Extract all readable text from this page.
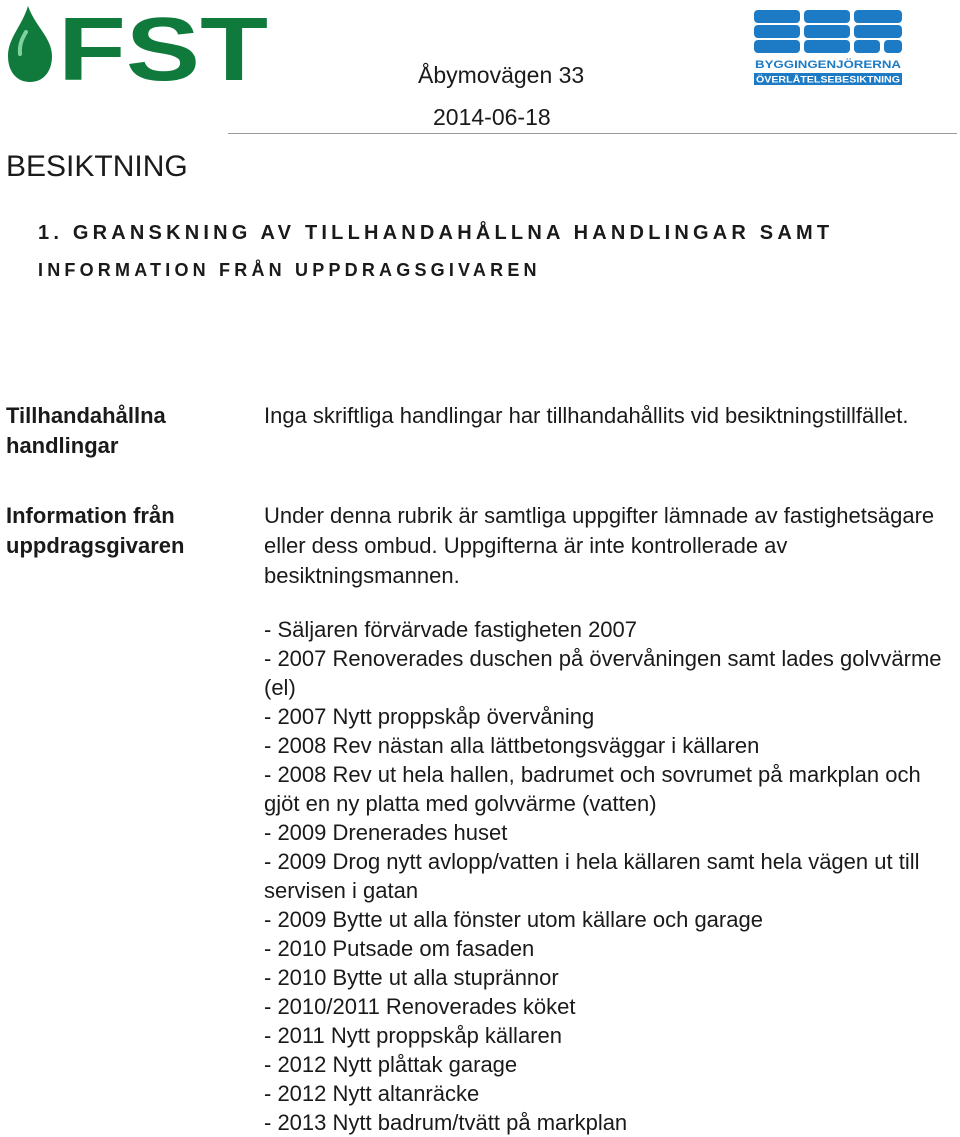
FST	BYGGINGENJÖRERNA
ÖVERLÅTELSEBESIKTNING
Åbymovägen 33
2014-06-18
BESIKTNING
1. GRANSKNING AV TILLHANDAHÅLLNA HANDLINGAR SAMT
INFORMATION FRÅN UPPDRAGSGIVAREN
Tillhandahållna handlingar

Inga skriftliga handlingar har tillhandahållits vid besiktningstillfället.

Information från uppdragsgivaren

Under denna rubrik är samtliga uppgifter lämnade av fastighetsägare eller dess ombud. Uppgifterna är inte kontrollerade av besiktningsmannen.

- Säljaren förvärvade fastigheten 2007
- 2007 Renoverades duschen på övervåningen samt lades golvvärme (el)
- 2007 Nytt proppskåp övervåning
- 2008 Rev nästan alla lättbetongsväggar i källaren
- 2008 Rev ut hela hallen, badrumet och sovrumet på markplan och gjöt en ny platta med golvvärme (vatten)
- 2009 Drenerades huset
- 2009 Drog nytt avlopp/vatten i hela källaren samt hela vägen ut till servisen i gatan
- 2009 Bytte ut alla fönster utom källare och garage
- 2010 Putsade om fasaden
- 2010 Bytte ut alla stuprännor
- 2010/2011 Renoverades köket
- 2011 Nytt proppskåp källaren
- 2012 Nytt plåttak garage
- 2012 Nytt altanräcke
- 2013 Nytt badrum/tvätt på markplan
